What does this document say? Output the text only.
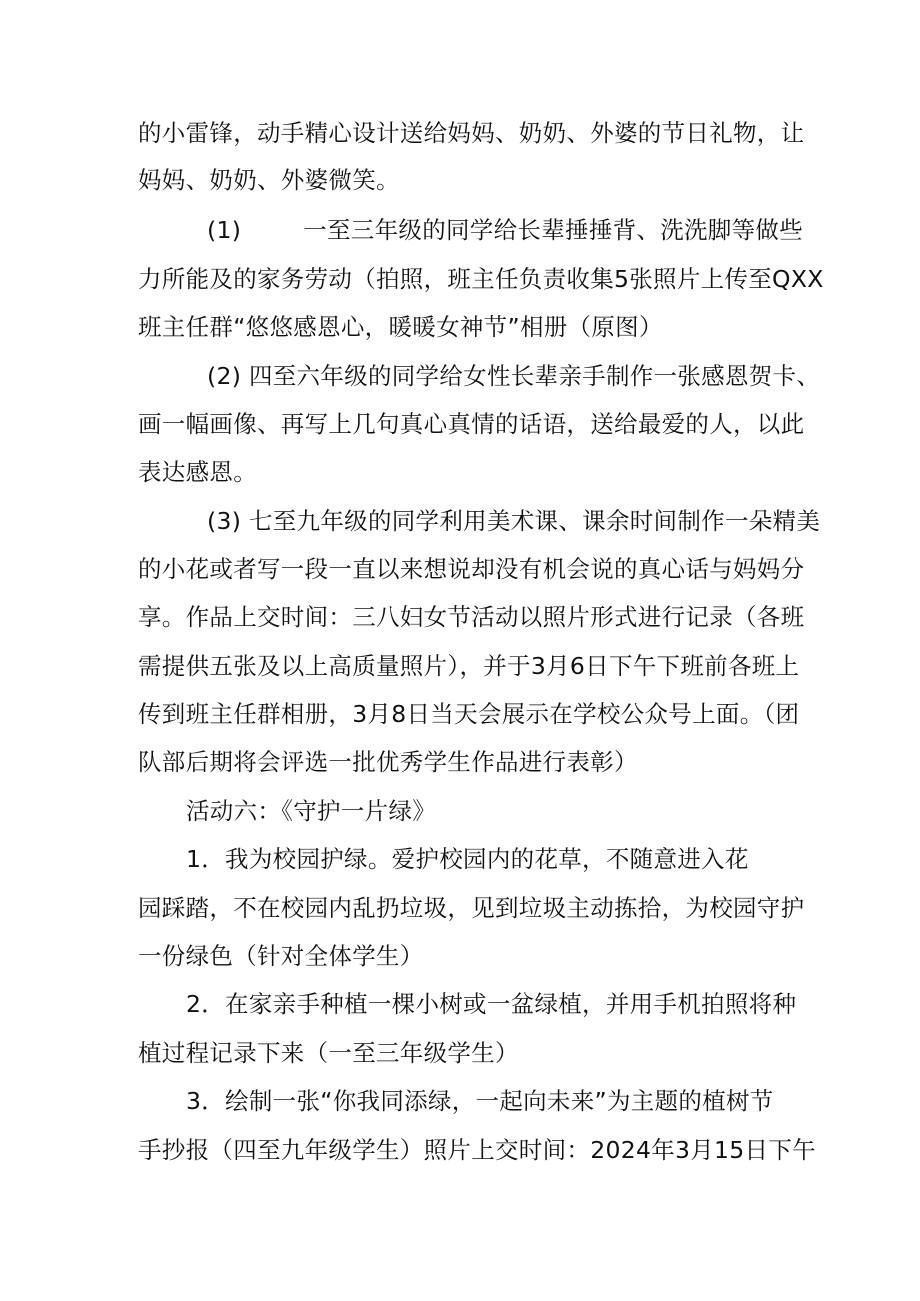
的小雷锋，动手精心设计送给妈妈、奶奶、外婆的节日礼物，让
妈妈、奶奶、外婆微笑。
(1)	一至三年级的同学给长辈捶捶背、洗洗脚等做些
力所能及的家务劳动（拍照，班主任负责收集5张照片上传至QXX
班主任群“悠悠感恩心，暖暖女神节”相册（原图）
(2) 四至六年级的同学给女性长辈亲手制作一张感恩贺卡、
画一幅画像、再写上几句真心真情的话语，送给最爱的人，以此
表达感恩。
(3) 七至九年级的同学利用美术课、课余时间制作一朵精美
的小花或者写一段一直以来想说却没有机会说的真心话与妈妈分
享。作品上交时间：三八妇女节活动以照片形式进行记录（各班
需提供五张及以上高质量照片），并于3月6日下午下班前各班上
传到班主任群相册，3月8日当天会展示在学校公众号上面。（团
队部后期将会评选一批优秀学生作品进行表彰）
活动六：《守护一片绿》
1．我为校园护绿。爱护校园内的花草，不随意进入花
园踩踏，不在校园内乱扔垃圾，见到垃圾主动拣拾，为校园守护
一份绿色（针对全体学生）
2．在家亲手种植一棵小树或一盆绿植，并用手机拍照将种
植过程记录下来（一至三年级学生）
3．绘制一张“你我同添绿，一起向未来”为主题的植树节
手抄报（四至九年级学生）照片上交时间：2024年3月15日下午
